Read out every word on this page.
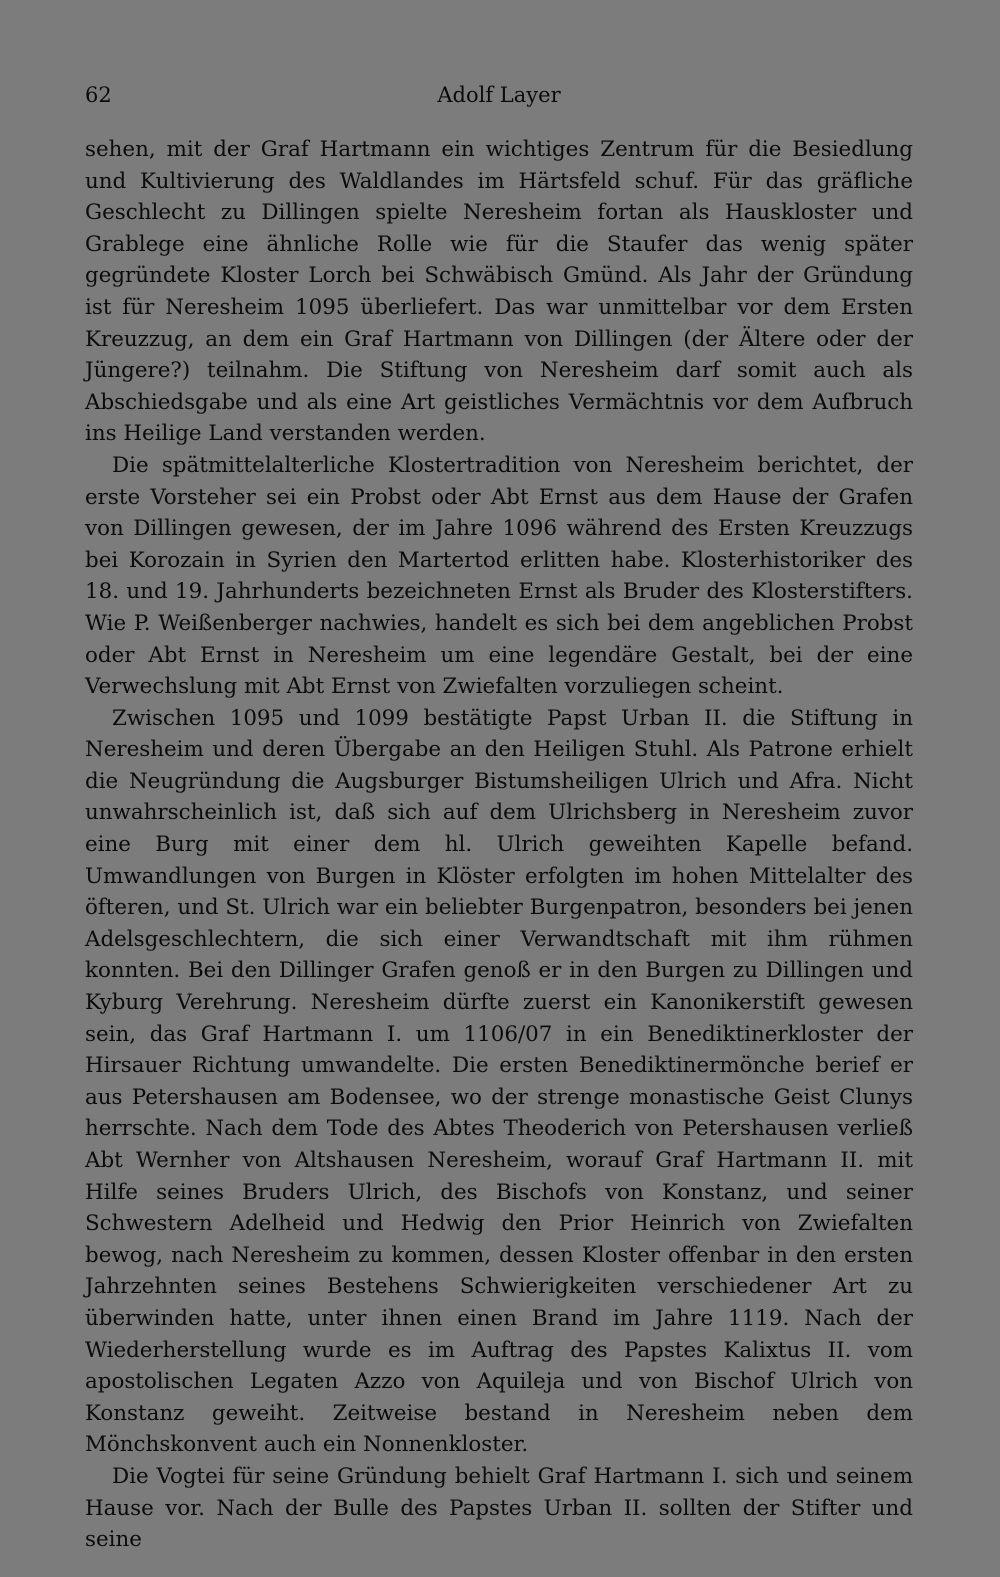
62	Adolf Layer

sehen, mit der Graf Hartmann ein wichtiges Zentrum für die Besiedlung und Kultivierung des Waldlandes im Härtsfeld schuf. Für das gräfliche Geschlecht zu Dillingen spielte Neresheim fortan als Hauskloster und Grablege eine ähnliche Rolle wie für die Staufer das wenig später gegründete Kloster Lorch bei Schwäbisch Gmünd. Als Jahr der Gründung ist für Neresheim 1095 überliefert. Das war unmittelbar vor dem Ersten Kreuzzug, an dem ein Graf Hartmann von Dillingen (der Ältere oder der Jüngere?) teilnahm. Die Stiftung von Neresheim darf somit auch als Abschiedsgabe und als eine Art geistliches Vermächtnis vor dem Aufbruch ins Heilige Land verstanden werden.

Die spätmittelalterliche Klostertradition von Neresheim berichtet, der erste Vorsteher sei ein Probst oder Abt Ernst aus dem Hause der Grafen von Dillingen gewesen, der im Jahre 1096 während des Ersten Kreuzzugs bei Korozain in Syrien den Martertod erlitten habe. Klosterhistoriker des 18. und 19. Jahrhunderts bezeichneten Ernst als Bruder des Klosterstifters. Wie P. Weißenberger nachwies, handelt es sich bei dem angeblichen Probst oder Abt Ernst in Neresheim um eine legendäre Gestalt, bei der eine Verwechslung mit Abt Ernst von Zwiefalten vorzuliegen scheint.

Zwischen 1095 und 1099 bestätigte Papst Urban II. die Stiftung in Neresheim und deren Übergabe an den Heiligen Stuhl. Als Patrone erhielt die Neugründung die Augsburger Bistumsheiligen Ulrich und Afra. Nicht unwahrscheinlich ist, daß sich auf dem Ulrichsberg in Neresheim zuvor eine Burg mit einer dem hl. Ulrich geweihten Kapelle befand. Umwandlungen von Burgen in Klöster erfolgten im hohen Mittelalter des öfteren, und St. Ulrich war ein beliebter Burgenpatron, besonders bei jenen Adelsgeschlechtern, die sich einer Verwandtschaft mit ihm rühmen konnten. Bei den Dillinger Grafen genoß er in den Burgen zu Dillingen und Kyburg Verehrung. Neresheim dürfte zuerst ein Kanonikerstift gewesen sein, das Graf Hartmann I. um 1106/07 in ein Benediktinerkloster der Hirsauer Richtung umwandelte. Die ersten Benediktinermönche berief er aus Petershausen am Bodensee, wo der strenge monastische Geist Clunys herrschte. Nach dem Tode des Abtes Theoderich von Petershausen verließ Abt Wernher von Altshausen Neresheim, worauf Graf Hartmann II. mit Hilfe seines Bruders Ulrich, des Bischofs von Konstanz, und seiner Schwestern Adelheid und Hedwig den Prior Heinrich von Zwiefalten bewog, nach Neresheim zu kommen, dessen Kloster offenbar in den ersten Jahrzehnten seines Bestehens Schwierigkeiten verschiedener Art zu überwinden hatte, unter ihnen einen Brand im Jahre 1119. Nach der Wiederherstellung wurde es im Auftrag des Papstes Kalixtus II. vom apostolischen Legaten Azzo von Aquileja und von Bischof Ulrich von Konstanz geweiht. Zeitweise bestand in Neresheim neben dem Mönchskonvent auch ein Nonnenkloster.

Die Vogtei für seine Gründung behielt Graf Hartmann I. sich und seinem Hause vor. Nach der Bulle des Papstes Urban II. sollten der Stifter und seine
